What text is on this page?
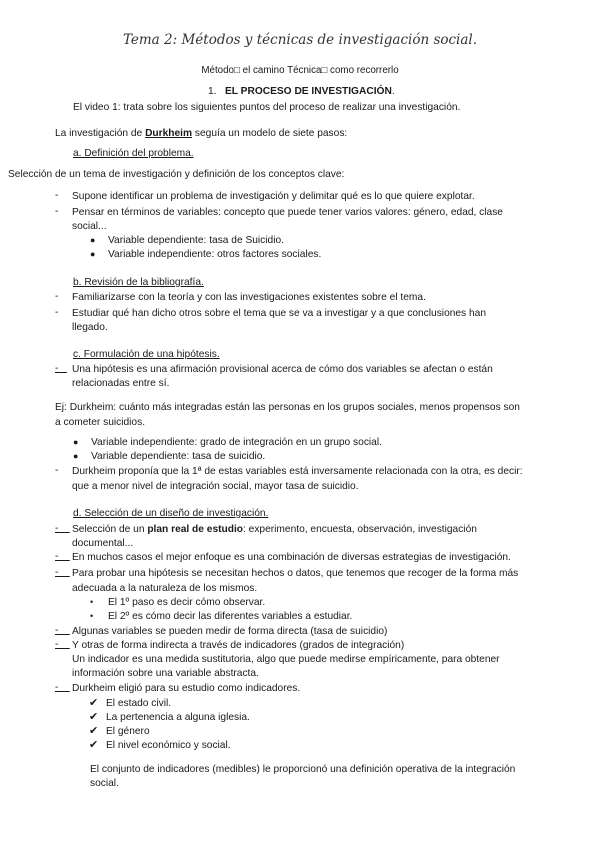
Tema 2: Métodos y técnicas de investigación social.
Método□ el camino Técnica□ como recorrerlo
1. EL PROCESO DE INVESTIGACIÓN.
El video 1: trata sobre los siguientes puntos del proceso de realizar una investigación.
La investigación de Durkheim seguía un modelo de siete pasos:
a. Definición del problema.
Selección de un tema de investigación y definición de los conceptos clave:
- Supone identificar un problema de investigación y delimitar qué es lo que quiere explotar.
- Pensar en términos de variables: concepto que puede tener varios valores: género, edad, clase
social...
● Variable dependiente: tasa de Suicidio.
● Variable independiente: otros factores sociales.
b. Revisión de la bibliografía.
- Familiarizarse con la teoría y con las investigaciones existentes sobre el tema.
- Estudiar qué han dicho otros sobre el tema que se va a investigar y a que conclusiones han
llegado.
c. Formulación de una hipótesis.
- Una hipótesis es una afirmación provisional acerca de cómo dos variables se afectan o están
relacionadas entre sí.
Ej: Durkheim: cuánto más integradas están las personas en los grupos sociales, menos propensos son
a cometer suicidios.
● Variable independiente: grado de integración en un grupo social.
● Variable dependiente: tasa de suicidio.
- Durkheim proponía que la 1ª de estas variables está inversamente relacionada con la otra, es decir:
que a menor nivel de integración social, mayor tasa de suicidio.
d. Selección de un diseño de investigación.
- Selección de un plan real de estudio: experimento, encuesta, observación, investigación
documental...
- En muchos casos el mejor enfoque es una combinación de diversas estrategias de investigación.
- Para probar una hipótesis se necesitan hechos o datos, que tenemos que recoger de la forma más
adecuada a la naturaleza de los mismos.
• El 1º paso es decir cómo observar.
• El 2º es cómo decir las diferentes variables a estudiar.
- Algunas variables se pueden medir de forma directa (tasa de suicidio)
- Y otras de forma indirecta a través de indicadores (grados de integración)
Un indicador es una medida sustitutoria, algo que puede medirse empíricamente, para obtener
información sobre una variable abstracta.
- Durkheim eligió para su estudio como indicadores.
✔ El estado civil.
✔ La pertenencia a alguna iglesia.
✔ El género
✔ El nivel económico y social.
El conjunto de indicadores (medibles) le proporcionó una definición operativa de la integración
social.
